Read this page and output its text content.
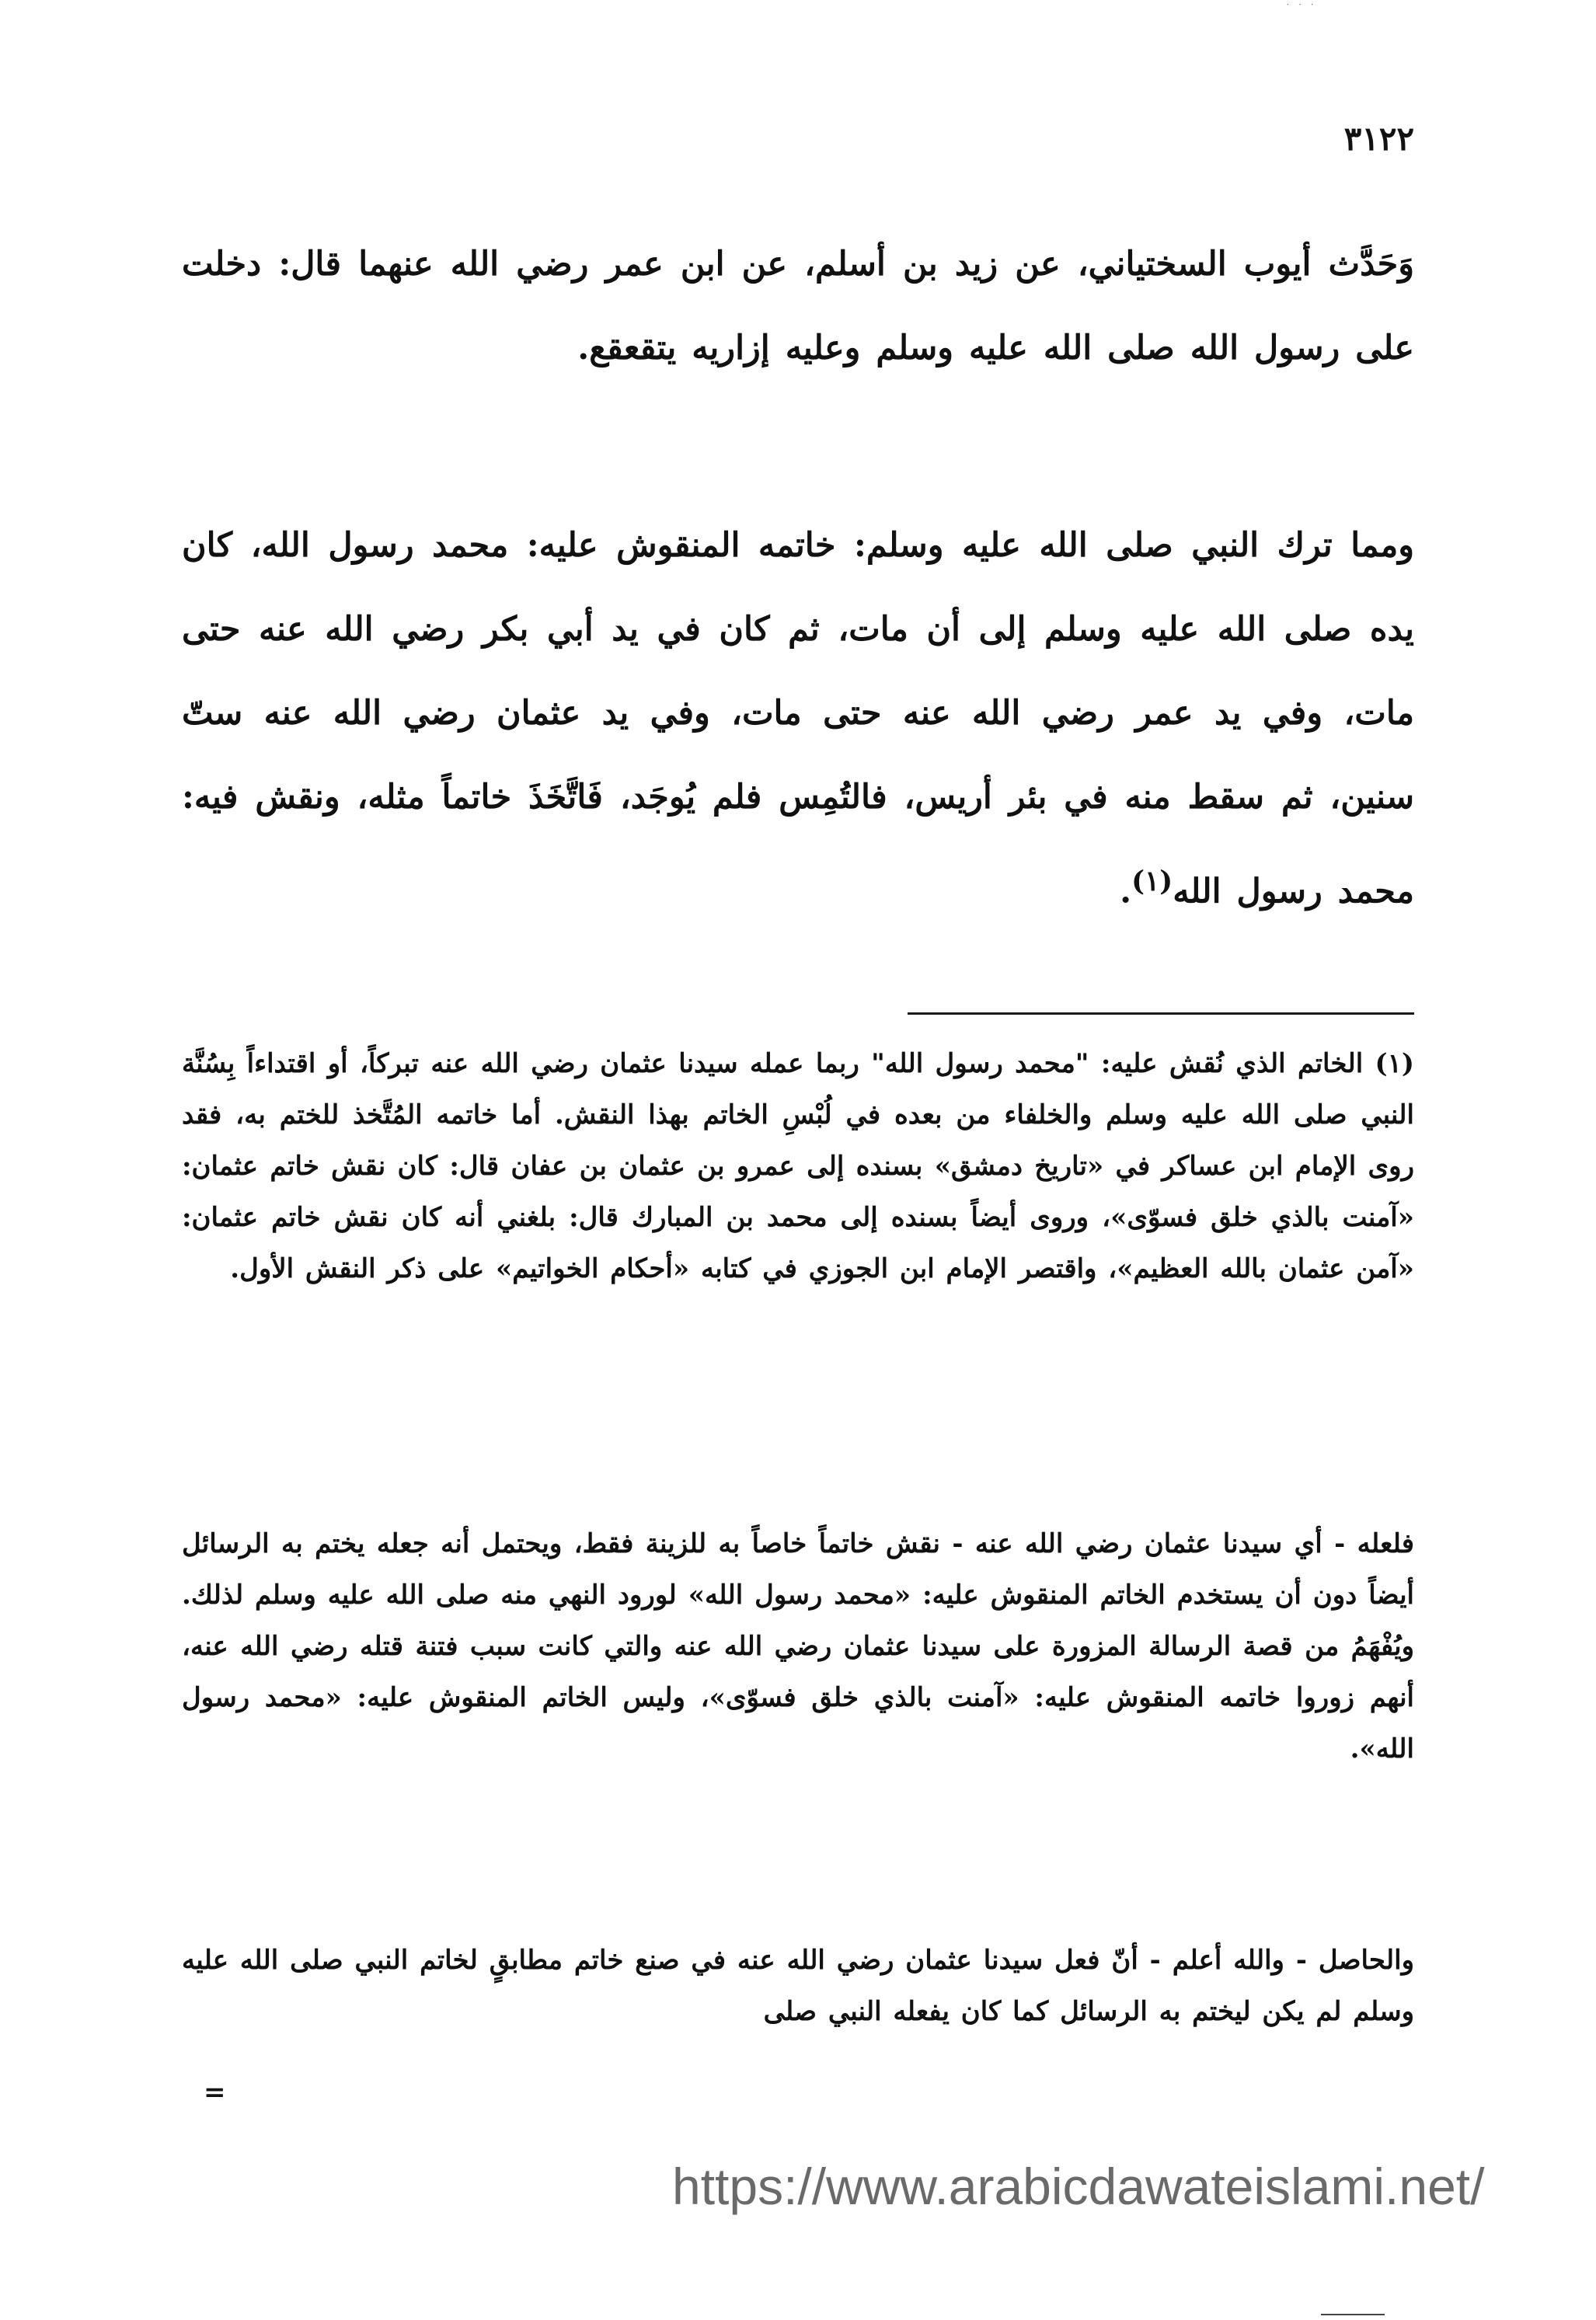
· · ·
٣١٢٢

وَحَدَّث أيوب السختياني، عن زيد بن أسلم، عن ابن عمر رضي الله عنهما قال: دخلت على رسول الله صلى الله عليه وسلم وعليه إزاريه يتقعقع.

ومما ترك النبي صلى الله عليه وسلم: خاتمه المنقوش عليه: محمد رسول الله، كان يده صلى الله عليه وسلم إلى أن مات، ثم كان في يد أبي بكر رضي الله عنه حتى مات، وفي يد عمر رضي الله عنه حتى مات، وفي يد عثمان رضي الله عنه ستّ سنين، ثم سقط منه في بئر أريس، فالتُمِس فلم يُوجَد، فَاتَّخَذَ خاتماً مثله، ونقش فيه: محمد رسول الله$^{(١)}$.

(١) الخاتم الذي نُقش عليه: "محمد رسول الله" ربما عمله سيدنا عثمان رضي الله عنه تبركاً، أو اقتداءاً بِسُنَّة النبي صلى الله عليه وسلم والخلفاء من بعده في لُبْسِ الخاتم بهذا النقش. أما خاتمه المُتَّخذ للختم به، فقد روى الإمام ابن عساكر في «تاريخ دمشق» بسنده إلى عمرو بن عثمان بن عفان قال: كان نقش خاتم عثمان: «آمنت بالذي خلق فسوّى»، وروى أيضاً بسنده إلى محمد بن المبارك قال: بلغني أنه كان نقش خاتم عثمان: «آمن عثمان بالله العظيم»، واقتصر الإمام ابن الجوزي في كتابه «أحكام الخواتيم» على ذكر النقش الأول.

فلعله - أي سيدنا عثمان رضي الله عنه - نقش خاتماً خاصاً به للزينة فقط، ويحتمل أنه جعله يختم به الرسائل أيضاً دون أن يستخدم الخاتم المنقوش عليه: «محمد رسول الله» لورود النهي منه صلى الله عليه وسلم لذلك. ويُفْهَمُ من قصة الرسالة المزورة على سيدنا عثمان رضي الله عنه والتي كانت سبب فتنة قتله رضي الله عنه، أنهم زوروا خاتمه المنقوش عليه: «آمنت بالذي خلق فسوّى»، وليس الخاتم المنقوش عليه: «محمد رسول الله».

والحاصل - والله أعلم - أنّ فعل سيدنا عثمان رضي الله عنه في صنع خاتم مطابقٍ لخاتم النبي صلى الله عليه وسلم لم يكن ليختم به الرسائل كما كان يفعله النبي صلى

=

https://www.arabicdawateislami.net/
